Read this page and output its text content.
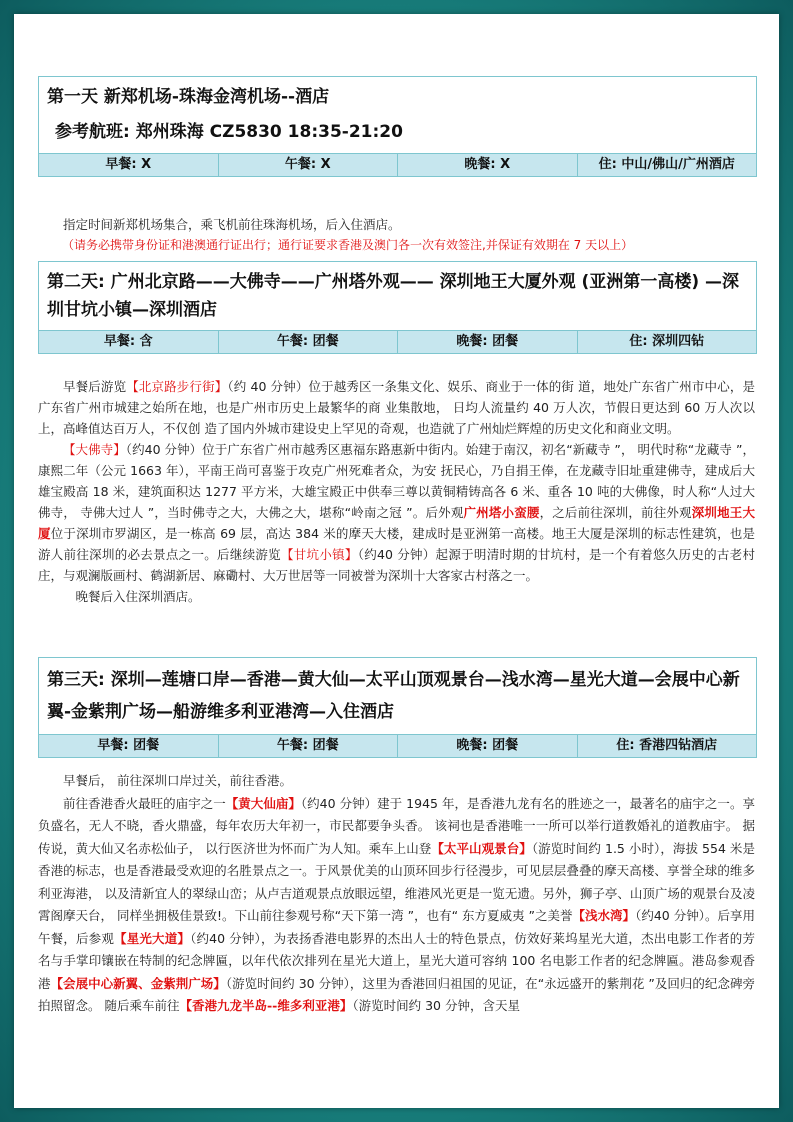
第一天 新郑机场-珠海金湾机场--酒店
参考航班: 郑州珠海 CZ5830 18:35-21:20
早餐: X	午餐: X	晚餐: X	住: 中山/佛山/广州酒店

指定时间新郑机场集合，乘飞机前往珠海机场，后入住酒店。

（请务必携带身份证和港澳通行证出行；通行证要求香港及澳门各一次有效签注,并保证有效期在 7 天以上）

第二天: 广州北京路——大佛寺——广州塔外观—— 深圳地王大厦外观 (亚洲第一高楼) —深圳甘坑小镇—深圳酒店
早餐: 含	午餐: 团餐	晚餐: 团餐	住: 深圳四钻

早餐后游览【北京路步行街】（约 40 分钟）位于越秀区一条集文化、娱乐、商业于一体的街 道，地处广东省广州市中心，是广东省广州市城建之始所在地，也是广州市历史上最繁华的商 业集散地， 日均人流量约 40 万人次，节假日更达到 60 万人次以上，高峰值达百万人，不仅创 造了国内外城市建设史上罕见的奇观，也造就了广州灿烂辉煌的历史文化和商业文明。

【大佛寺】（约40 分钟）位于广东省广州市越秀区惠福东路惠新中街内。始建于南汉，初名“新藏寺 ”， 明代时称“龙藏寺 ”，康熙二年（公元 1663 年），平南王尚可喜鉴于攻克广州死难者众，为安 抚民心，乃自捐王俸，在龙藏寺旧址重建佛寺，建成后大雄宝殿高 18 米，建筑面积达 1277 平方米，大雄宝殿正中供奉三尊以黄铜精铸高各 6 米、重各 10 吨的大佛像，时人称“人过大佛寺， 寺佛大过人 ”，当时佛寺之大，大佛之大，堪称“岭南之冠 ”。后外观广州塔小蛮腰，之后前往深圳，前往外观深圳地王大厦位于深圳市罗湖区，是一栋高 69 层，高达 384 米的摩天大楼，建成时是亚洲第一高楼。地王大厦是深圳的标志性建筑，也是游人前往深圳的必去景点之一。后继续游览【甘坑小镇】（约40 分钟）起源于明清时期的甘坑村，是一个有着悠久历史的古老村庄，与观澜版画村、鹤湖新居、麻磡村、大万世居等一同被誉为深圳十大客家古村落之一。

晚餐后入住深圳酒店。

第三天: 深圳—莲塘口岸—香港—黄大仙—太平山顶观景台—浅水湾—星光大道—会展中心新翼-金紫荆广场—船游维多利亚港湾—入住酒店
早餐: 团餐	午餐: 团餐	晚餐: 团餐	住: 香港四钻酒店

早餐后， 前往深圳口岸过关，前往香港。

前往香港香火最旺的庙宇之一【黄大仙庙】（约40 分钟）建于 1945 年，是香港九龙有名的胜迹之一，最著名的庙宇之一。享负盛名，无人不晓，香火鼎盛，每年农历大年初一，市民都要争头香。 该祠也是香港唯一一所可以举行道教婚礼的道教庙宇。 据传说，黄大仙又名赤松仙子， 以行医济世为怀而广为人知。乘车上山登【太平山观景台】（游览时间约 1.5 小时），海拔 554 米是香港的标志，也是香港最受欢迎的名胜景点之一。于风景优美的山顶环回步行径漫步，可见层层叠叠的摩天高楼、享誉全球的维多利亚海港， 以及清新宜人的翠绿山峦；从卢吉道观景点放眼远望，维港风光更是一览无遗。另外，狮子亭、山顶广场的观景台及凌霄阁摩天台， 同样坐拥极佳景致!。下山前往参观号称“天下第一湾 ”，也有“ 东方夏威夷 ”之美誉【浅水湾】（约40 分钟）。后享用午餐，后参观【星光大道】（约40 分钟），为表扬香港电影界的杰出人士的特色景点，仿效好莱坞星光大道，杰出电影工作者的芳名与手掌印镶嵌在特制的纪念牌匾，以年代依次排列在星光大道上，星光大道可容纳 100 名电影工作者的纪念牌匾。港岛参观香港【会展中心新翼、金紫荆广场】（游览时间约 30 分钟），这里为香港回归祖国的见证，在“永远盛开的紫荆花 ”及回归的纪念碑旁拍照留念。 随后乘车前往【香港九龙半岛--维多利亚港】（游览时间约 30 分钟，含天星
